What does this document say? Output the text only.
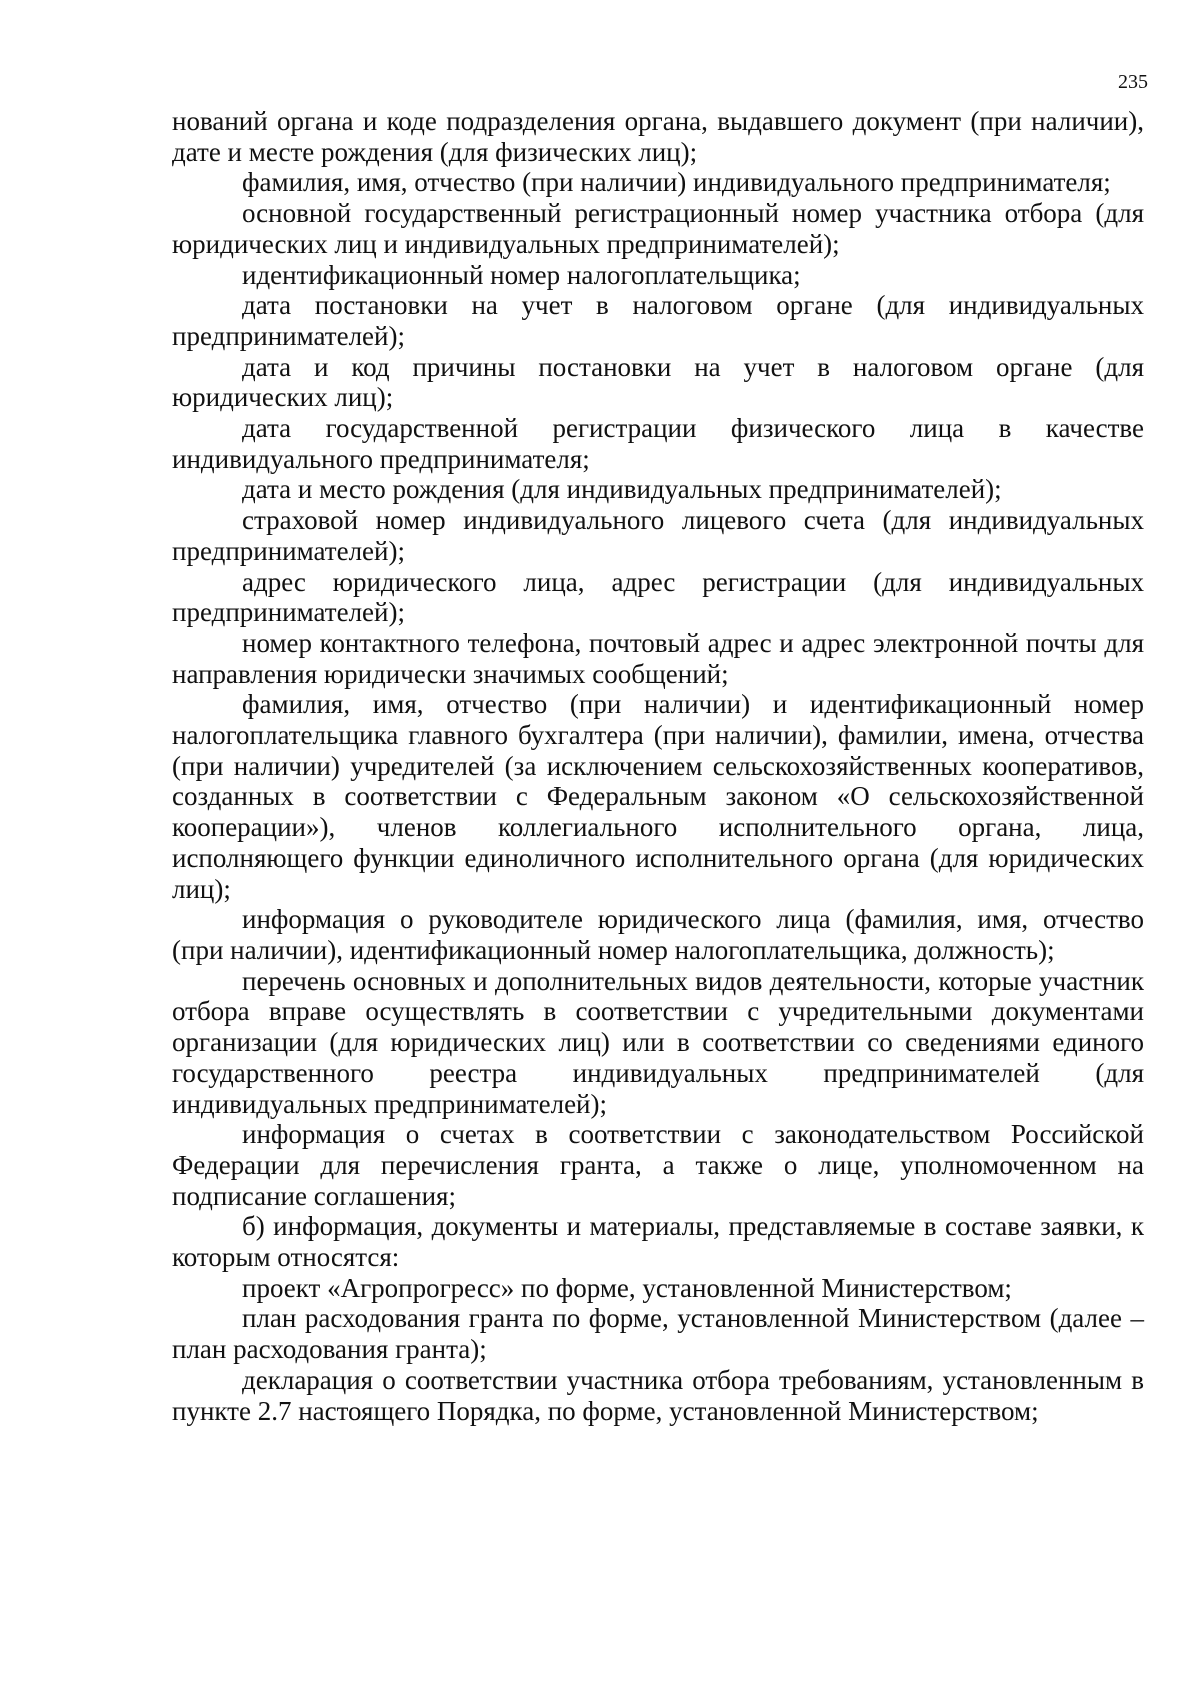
235

нований органа и коде подразделения органа, выдавшего документ (при наличии), дате и месте рождения (для физических лиц);

фамилия, имя, отчество (при наличии) индивидуального предпринимателя;

основной государственный регистрационный номер участника отбора (для юридических лиц и индивидуальных предпринимателей);

идентификационный номер налогоплательщика;

дата постановки на учет в налоговом органе (для индивидуальных предпринимателей);

дата и код причины постановки на учет в налоговом органе (для юридических лиц);

дата государственной регистрации физического лица в качестве индивидуального предпринимателя;

дата и место рождения (для индивидуальных предпринимателей);

страховой номер индивидуального лицевого счета (для индивидуальных предпринимателей);

адрес юридического лица, адрес регистрации (для индивидуальных предпринимателей);

номер контактного телефона, почтовый адрес и адрес электронной почты для направления юридически значимых сообщений;

фамилия, имя, отчество (при наличии) и идентификационный номер налогоплательщика главного бухгалтера (при наличии), фамилии, имена, отчества (при наличии) учредителей (за исключением сельскохозяйственных кооперативов, созданных в соответствии с Федеральным законом «О сельскохозяйственной кооперации»), членов коллегиального исполнительного органа, лица, исполняющего функции единоличного исполнительного органа (для юридических лиц);

информация о руководителе юридического лица (фамилия, имя, отчество (при наличии), идентификационный номер налогоплательщика, должность);

перечень основных и дополнительных видов деятельности, которые участник отбора вправе осуществлять в соответствии с учредительными документами организации (для юридических лиц) или в соответствии со сведениями единого государственного реестра индивидуальных предпринимателей (для индивидуальных предпринимателей);

информация о счетах в соответствии с законодательством Российской Федерации для перечисления гранта, а также о лице, уполномоченном на подписание соглашения;

б) информация, документы и материалы, представляемые в составе заявки, к которым относятся:

проект «Агропрогресс» по форме, установленной Министерством;

план расходования гранта по форме, установленной Министерством (далее – план расходования гранта);

декларация о соответствии участника отбора требованиям, установленным в пункте 2.7 настоящего Порядка, по форме, установленной Министерством;
